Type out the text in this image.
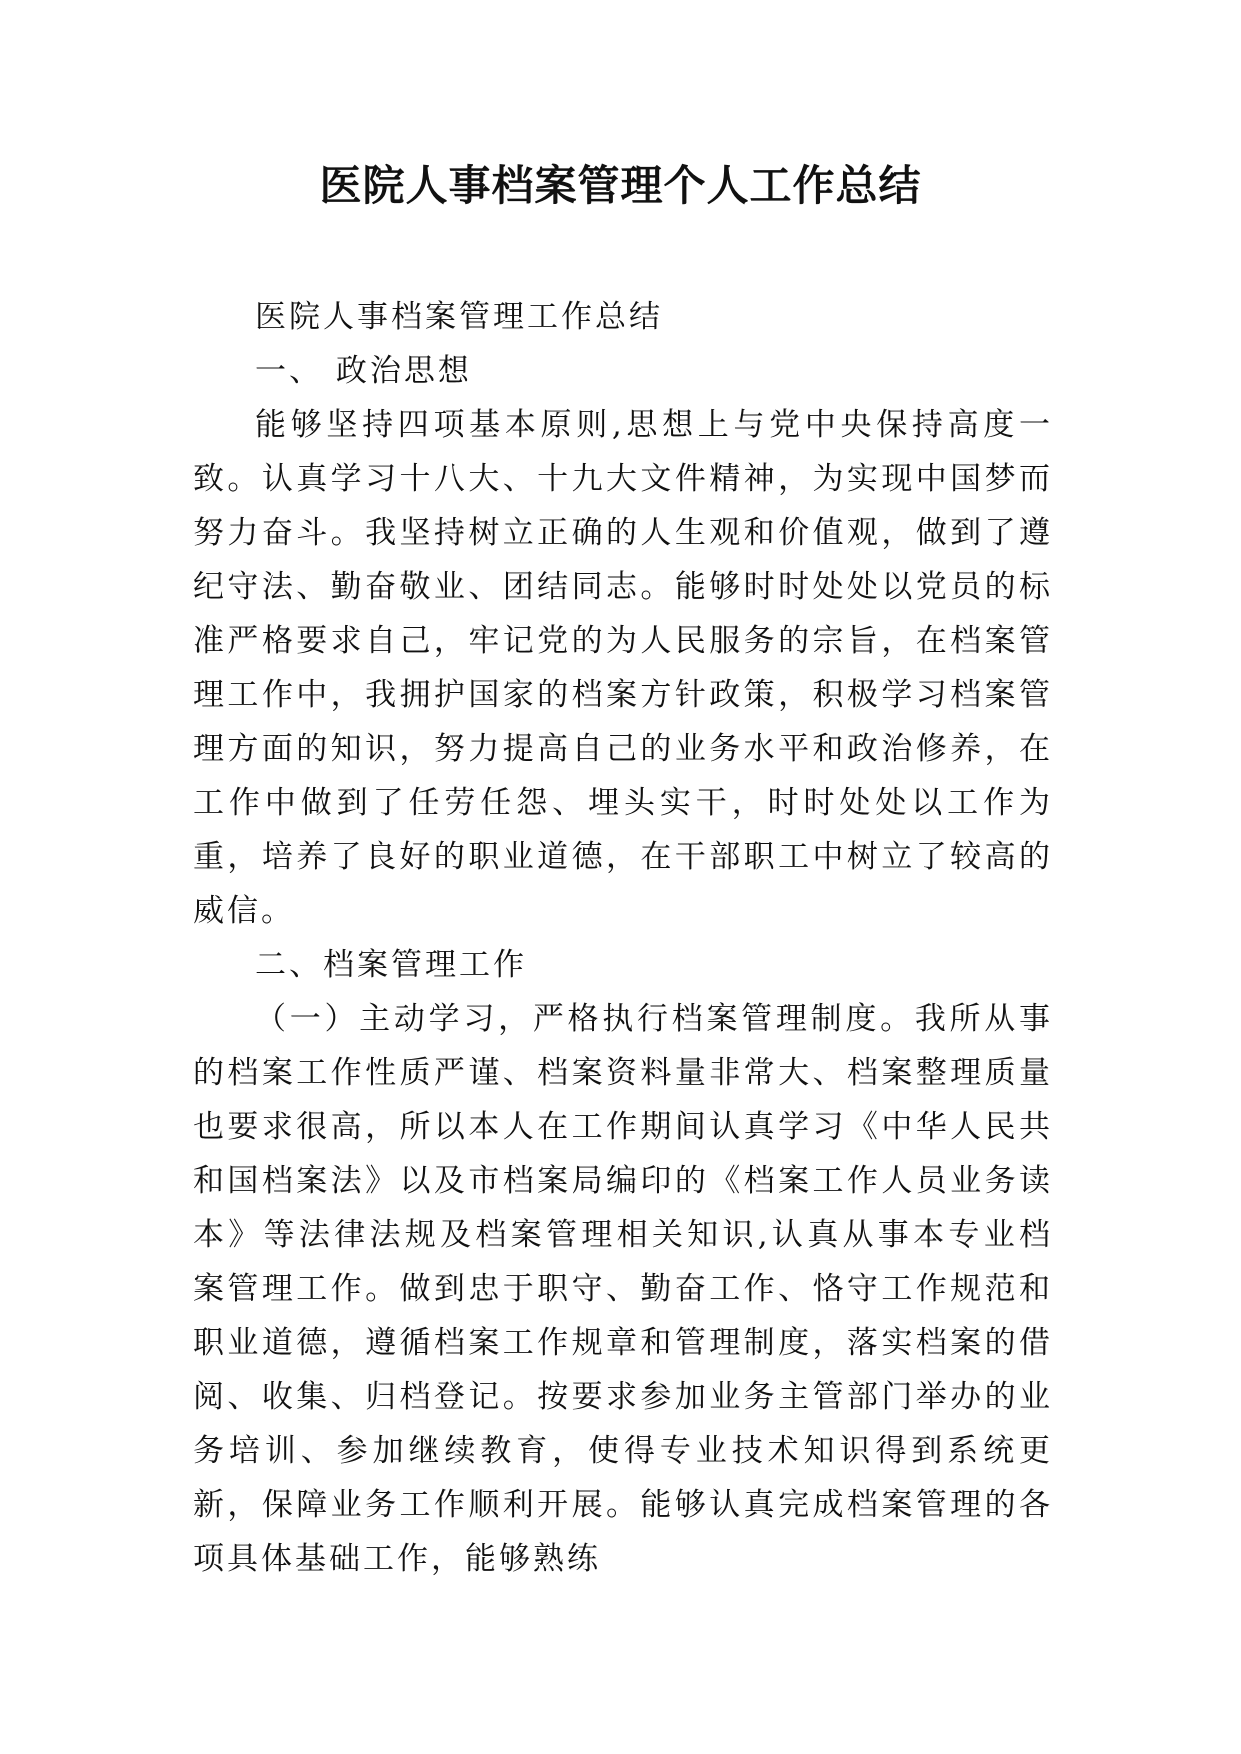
医院人事档案管理个人工作总结

医院人事档案管理工作总结

一、 政治思想

能够坚持四项基本原则,思想上与党中央保持高度一致。认真学习十八大、十九大文件精神，为实现中国梦而努力奋斗。我坚持树立正确的人生观和价值观，做到了遵纪守法、勤奋敬业、团结同志。能够时时处处以党员的标准严格要求自己，牢记党的为人民服务的宗旨，在档案管理工作中，我拥护国家的档案方针政策，积极学习档案管理方面的知识，努力提高自己的业务水平和政治修养，在工作中做到了任劳任怨、埋头实干，时时处处以工作为重，培养了良好的职业道德，在干部职工中树立了较高的威信。

二、档案管理工作

（一）主动学习，严格执行档案管理制度。我所从事的档案工作性质严谨、档案资料量非常大、档案整理质量也要求很高，所以本人在工作期间认真学习《中华人民共和国档案法》以及市档案局编印的《档案工作人员业务读本》等法律法规及档案管理相关知识,认真从事本专业档案管理工作。做到忠于职守、勤奋工作、恪守工作规范和职业道德，遵循档案工作规章和管理制度，落实档案的借阅、收集、归档登记。按要求参加业务主管部门举办的业务培训、参加继续教育，使得专业技术知识得到系统更新，保障业务工作顺利开展。能够认真完成档案管理的各项具体基础工作，能够熟练
